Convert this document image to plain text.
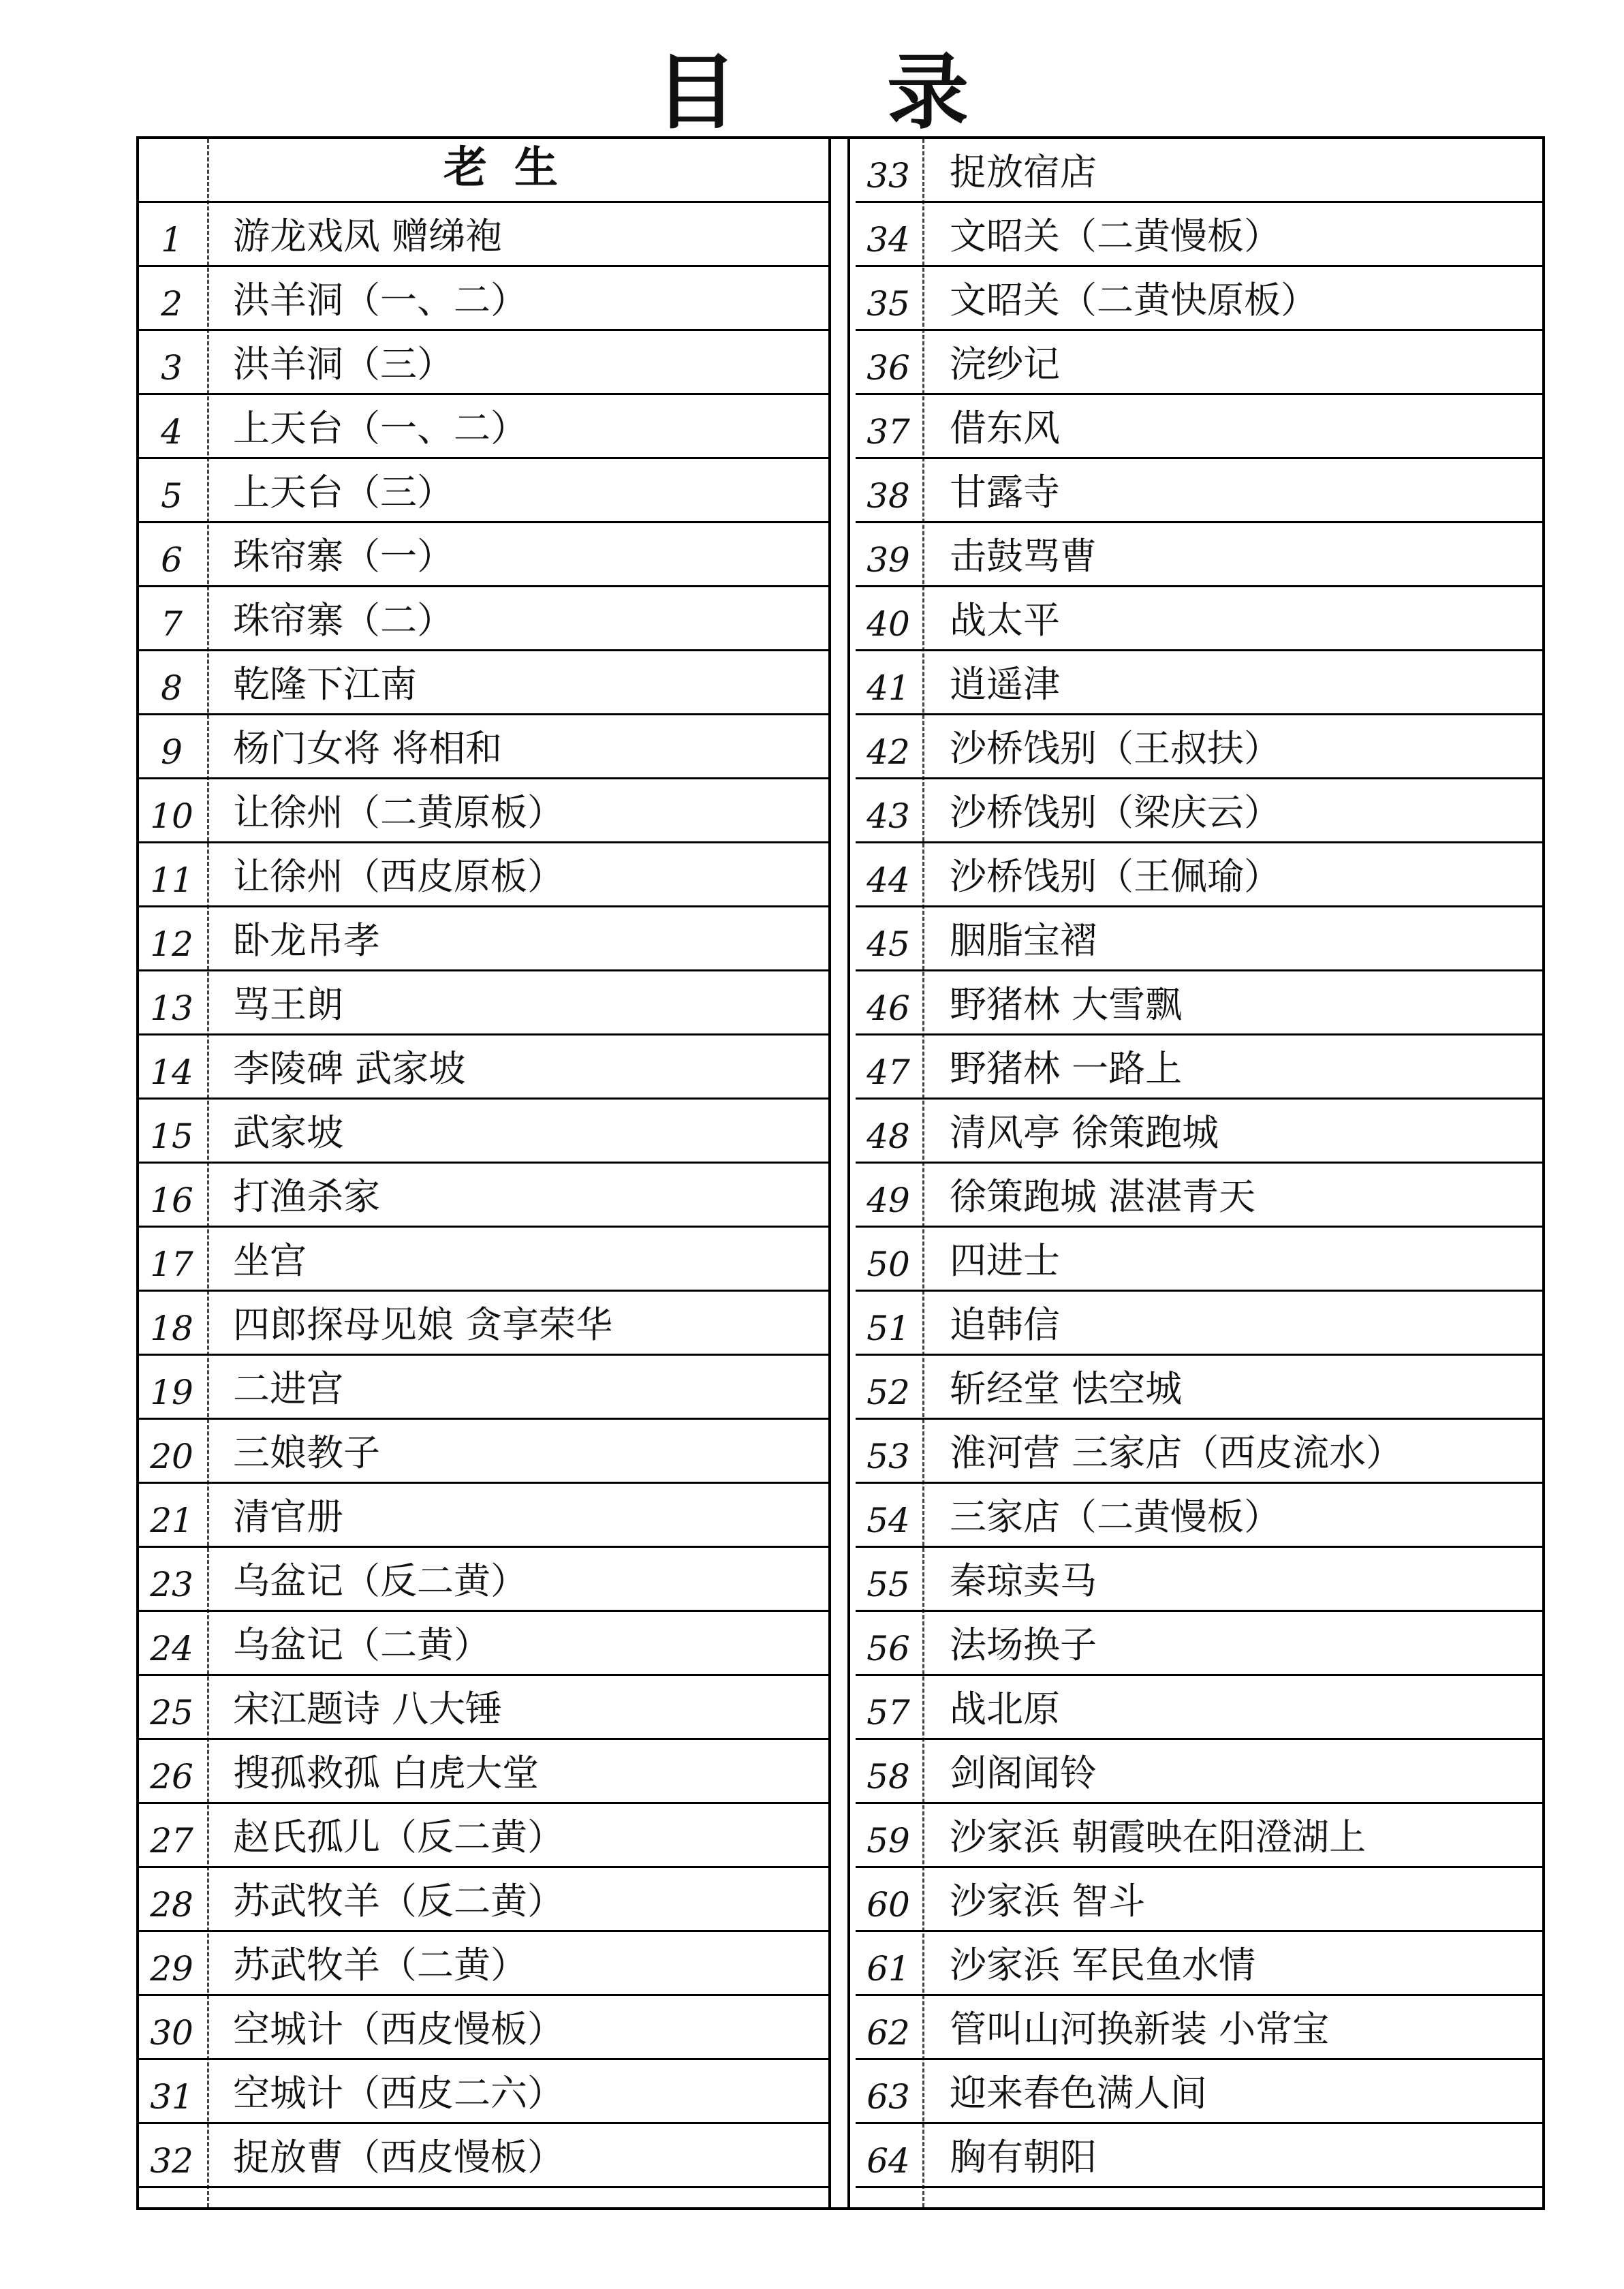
目录
老生
1	游龙戏凤 赠绨袍
2	洪羊洞（一、二）
3	洪羊洞（三）
4	上天台（一、二）
5	上天台（三）
6	珠帘寨（一）
7	珠帘寨（二）
8	乾隆下江南
9	杨门女将 将相和
10 让徐州（二黄原板）
11 让徐州（西皮原板）
12 卧龙吊孝
13 骂王朗
14 李陵碑 武家坡
15 武家坡
16 打渔杀家
17 坐宫
18 四郎探母见娘 贪享荣华
19 二进宫
20 三娘教子
21 清官册
23 乌盆记（反二黄）
24 乌盆记（二黄）
25 宋江题诗 八大锤
26 搜孤救孤 白虎大堂
27 赵氏孤儿（反二黄）
28 苏武牧羊（反二黄）
29 苏武牧羊（二黄）
30 空城计（西皮慢板）
31 空城计（西皮二六）
32 捉放曹（西皮慢板）
33 捉放宿店
34 文昭关（二黄慢板）
35 文昭关（二黄快原板）
36 浣纱记
37 借东风
38 甘露寺
39 击鼓骂曹
40 战太平
41 逍遥津
42 沙桥饯别（王叔扶）
43 沙桥饯别（梁庆云）
44 沙桥饯别（王佩瑜）
45 胭脂宝褶
46 野猪林 大雪飘
47 野猪林 一路上
48 清风亭 徐策跑城
49 徐策跑城 湛湛青天
50 四进士
51 追韩信
52 斩经堂 怯空城
53 淮河营 三家店（西皮流水）
54 三家店（二黄慢板）
55 秦琼卖马
56 法场换子
57 战北原
58 剑阁闻铃
59 沙家浜 朝霞映在阳澄湖上
60 沙家浜 智斗
61 沙家浜 军民鱼水情
62 管叫山河换新装 小常宝
63 迎来春色满人间
64 胸有朝阳
